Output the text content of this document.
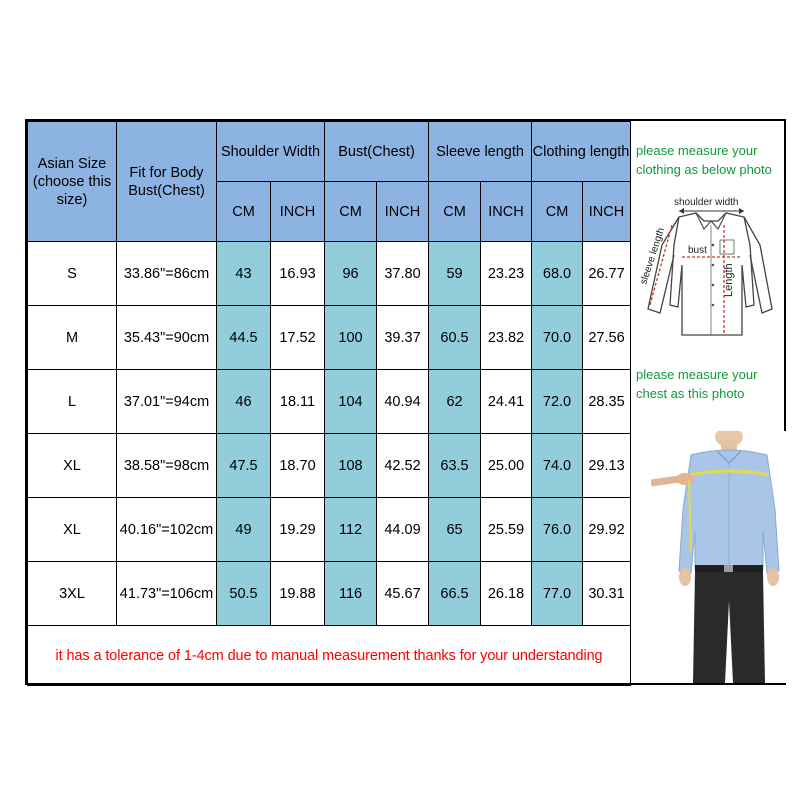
Asian Size (choose this size)	Fit for Body Bust(Chest)	Shoulder Width		Bust(Chest)		Sleeve length		Clothing length	
		CM	INCH	CM	INCH	CM	INCH	CM	INCH
S	33.86"=86cm	43	16.93	96	37.80	59	23.23	68.0	26.77
M	35.43"=90cm	44.5	17.52	100	39.37	60.5	23.82	70.0	27.56
L	37.01"=94cm	46	18.11	104	40.94	62	24.41	72.0	28.35
XL	38.58"=98cm	47.5	18.70	108	42.52	63.5	25.00	74.0	29.13
XL	40.16"=102cm	49	19.29	112	44.09	65	25.59	76.0	29.92
3XL	41.73"=106cm	50.5	19.88	116	45.67	66.5	26.18	77.0	30.31
it has a tolerance of 1-4cm due to manual measurement thanks for your understanding									
please measure your
clothing as below photo
shoulder width
bust
Length
sleeve length
please measure your
chest as this photo
